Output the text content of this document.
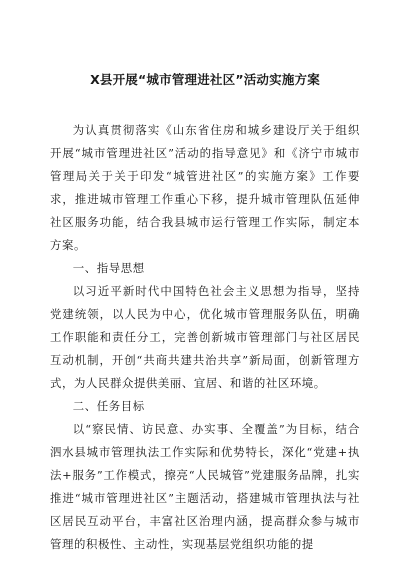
X县开展“城市管理进社区”活动实施方案

为认真贯彻落实《山东省住房和城乡建设厅关于组织开展“城市管理进社区”活动的指导意见》和《济宁市城市管理局关于关于印发“城管进社区”的实施方案》工作要求，推进城市管理工作重心下移，提升城市管理队伍延伸社区服务功能，结合我县城市运行管理工作实际，制定本方案。

一、指导思想

以习近平新时代中国特色社会主义思想为指导，坚持党建统领，以人民为中心，优化城市管理服务队伍，明确工作职能和责任分工，完善创新城市管理部门与社区居民互动机制，开创“共商共建共治共享”新局面，创新管理方式，为人民群众提供美丽、宜居、和谐的社区环境。

二、任务目标

以“察民情、访民意、办实事、全覆盖”为目标，结合泗水县城市管理执法工作实际和优势特长，深化“党建+执法+服务”工作模式，擦亮“人民城管”党建服务品牌，扎实推进“城市管理进社区”主题活动，搭建城市管理执法与社区居民互动平台，丰富社区治理内涵，提高群众参与城市管理的积极性、主动性，实现基层党组织功能的提
